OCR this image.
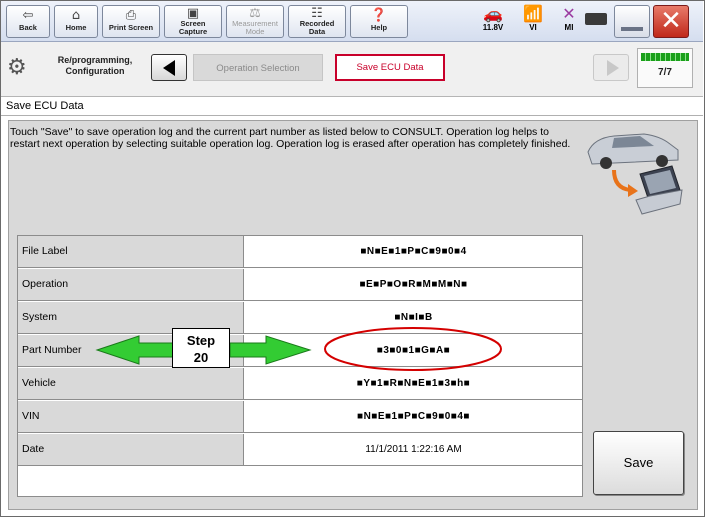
⇦
Back
⌂
Home
⎙
Print Screen
▣
Screen
Capture
⚖
Measurement
Mode
☷
Recorded
Data
❓
Help
🚗
11.8V
📶
VI
✕
MI	✕
⚙	Re/programming,
Configuration	Operation Selection	Save ECU Data	7/7
Save ECU Data
Touch "Save" to save operation log and the current part number as listed below to CONSULT. Operation log helps to restart next operation by selecting suitable operation log. Operation log is erased after operation has completely finished.
File Label	■N■E■1■P■C■9■0■4
Operation	■E■P■O■R■M■M■N■
System	■N■I■B
Part Number	■3■0■1■G■A■
Vehicle	■Y■1■R■N■E■1■3■h■
VIN	■N■E■1■P■C■9■0■4■
Date	11/1/2011 1:22:16 AM
Save
Step
20
